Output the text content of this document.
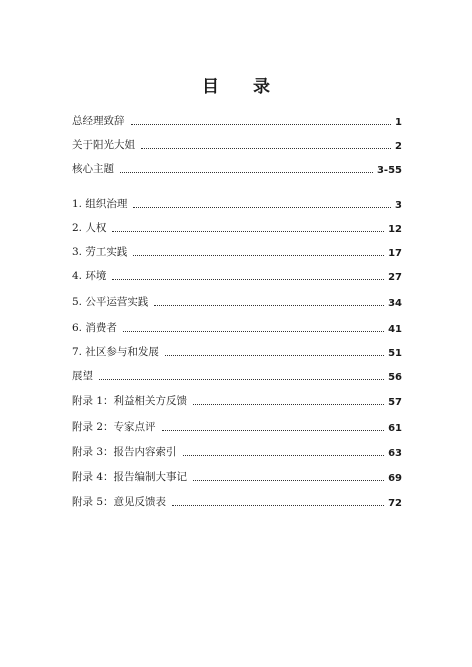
目 录
总经理致辞	1
关于阳光大姐	2
核心主题	3-55
1. 组织治理	3
2. 人权	12
3. 劳工实践	17
4. 环境	27
5. 公平运营实践	34
6. 消费者	41
7. 社区参与和发展	51
展望	56
附录 1：利益相关方反馈	57
附录 2：专家点评	61
附录 3：报告内容索引	63
附录 4：报告编制大事记	69
附录 5：意见反馈表	72
